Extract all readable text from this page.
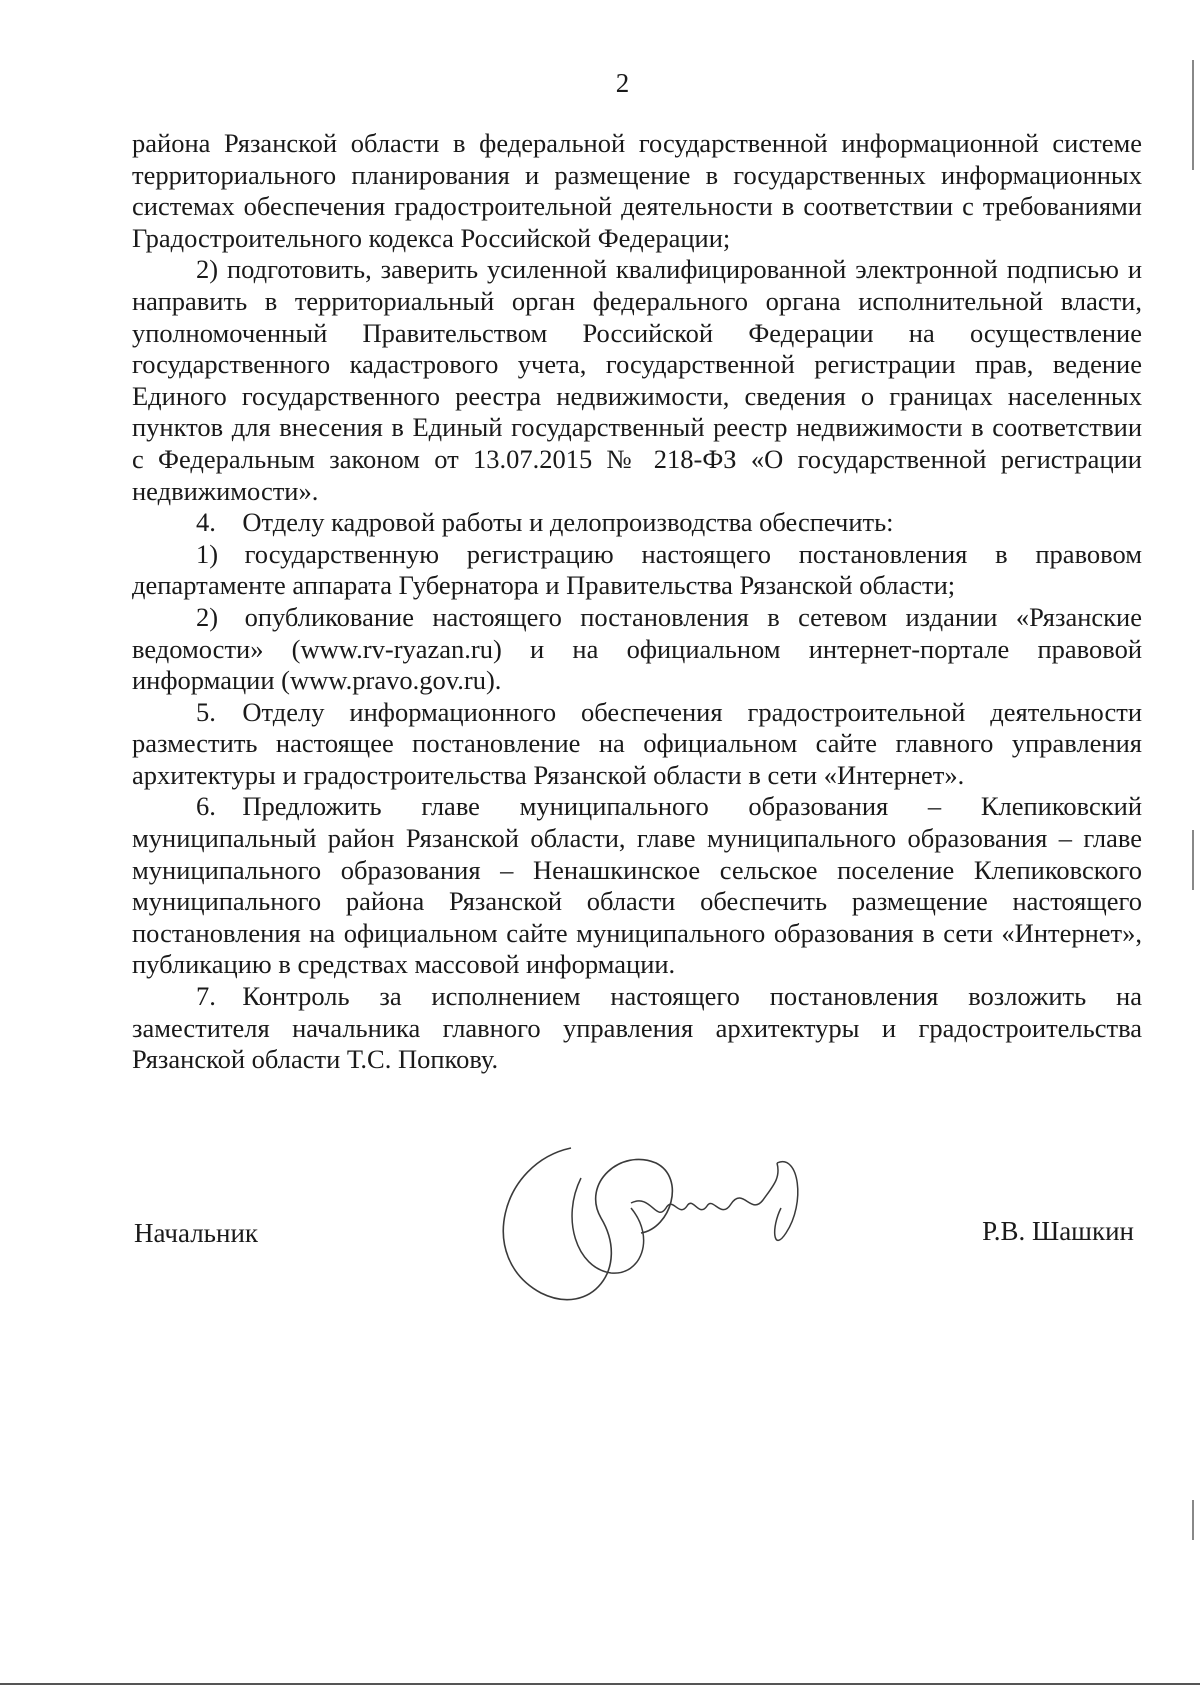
2

района Рязанской области в федеральной государственной информационной системе территориального планирования и размещение в государственных информационных системах обеспечения градостроительной деятельности в соответствии с требованиями Градостроительного кодекса Российской Федерации;

2) подготовить, заверить усиленной квалифицированной электронной подписью и направить в территориальный орган федерального органа исполнительной власти, уполномоченный Правительством Российской Федерации на осуществление государственного кадастрового учета, государственной регистрации прав, ведение Единого государственного реестра недвижимости, сведения о границах населенных пунктов для внесения в Единый государственный реестр недвижимости в соответствии с Федеральным законом от 13.07.2015 № 218-ФЗ «О государственной регистрации недвижимости».

4. Отделу кадровой работы и делопроизводства обеспечить:

1) государственную регистрацию настоящего постановления в правовом департаменте аппарата Губернатора и Правительства Рязанской области;

2) опубликование настоящего постановления в сетевом издании «Рязанские ведомости» (www.rv-ryazan.ru) и на официальном интернет-портале правовой информации (www.pravo.gov.ru).

5. Отделу информационного обеспечения градостроительной деятельности разместить настоящее постановление на официальном сайте главного управления архитектуры и градостроительства Рязанской области в сети «Интернет».

6. Предложить главе муниципального образования – Клепиковский муниципальный район Рязанской области, главе муниципального образования – главе муниципального образования – Ненашкинское сельское поселение Клепиковского муниципального района Рязанской области обеспечить размещение настоящего постановления на официальном сайте муниципального образования в сети «Интернет», публикацию в средствах массовой информации.

7. Контроль за исполнением настоящего постановления возложить на заместителя начальника главного управления архитектуры и градостроительства Рязанской области Т.С. Попкову.

Начальник	Р.В. Шашкин
